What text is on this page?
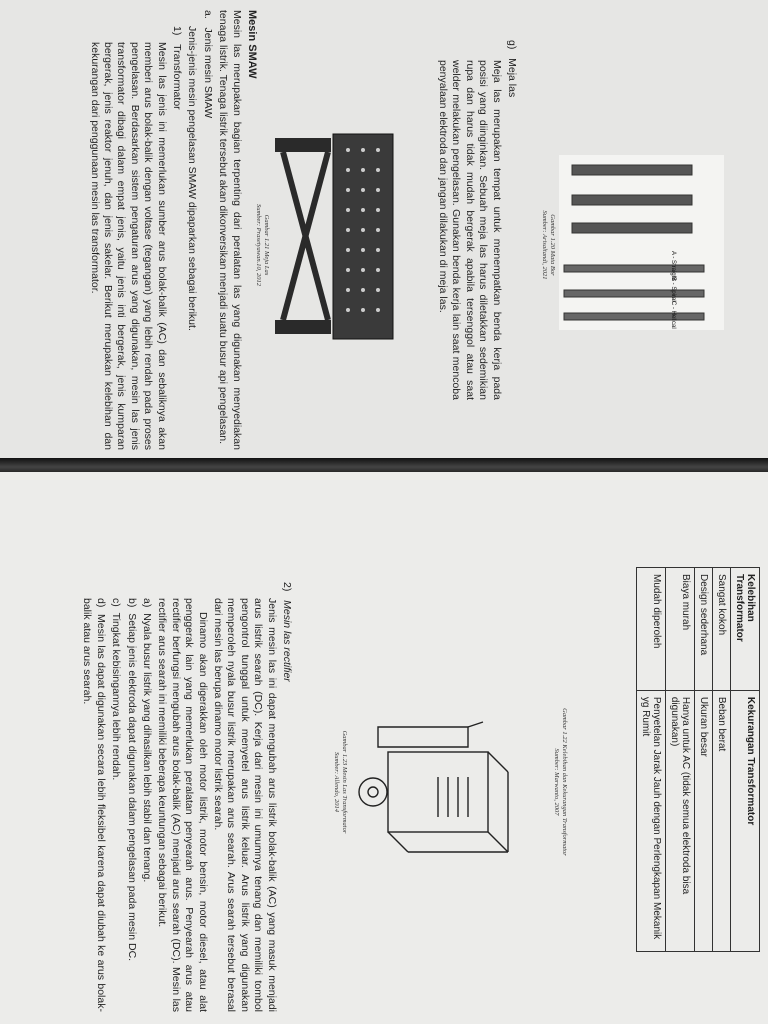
g)   Meja las

Meja las merupakan tempat untuk menempatkan benda kerja pada posisi yang diinginkan. Sebuah meja las harus diletakkan sedemikian rupa dan harus tidak mudah bergerak apabila tersenggol atau saat welder melakukan pengelasan. Gunakan benda kerja lain saat mencoba penyalaan elektroda dan jangan dilakukan di meja las.	A - Straight
B - Spiral
C - Helical
Gambar 1.20 Mata Bor
Sumber: Arisaltandi, 2021
Gambar 1.21 Meja Las
Sumber: Prasetyawan.10, 2012

Mesin SMAW

Mesin las merupakan bagian terpenting dari peralatan las yang digunakan menyediakan tenaga listrik. Tenaga listrik tersebut akan dikonversikan menjadi suatu busur api pengelasan.

a.   Jenis mesin SMAW

Jenis-jenis mesin pengelasan SMAW dipaparkan sebagai berikut.

1)   Transformator

Mesin las jenis ini memerlukan sumber arus bolak-balik (AC) dan sebaliknya akan memberi arus bolak-balik dengan voltase (tegangan) yang lebih rendah pada proses pengelasan. Berdasarkan sistem pengaturan arus yang digunakan, mesin las jenis transformator dibagi dalam empat jenis, yaitu jenis inti bergerak, jenis kumparan bergerak, jenis reaktor jenuh, dan jenis sakelar. Berikut merupakan kelebihan dan kekurangan dari penggunaan mesin las transformator.

Kelebihan Transformator	Kekurangan Transformator
Sangat kokoh	Beban berat
Design sederhana	Ukuran besar
Biaya murah	Hanya untuk AC (tidak semua elektroda bisa digunakan)
Mudah diperoleh	Penyetelan Jarak Jauh dengan Perlengkapan Mekanik yg Rumit
Gambar 1.22 Kelebihan dan Kekurangan Transformator
Sumber: Marwanto, 2007
Gambar 1.23 Mesin Las Transformator
Sumber: Allendo, 2014

2)   Mesin las rectifier

Jenis mesin las ini dapat mengubah arus listrik bolak-balik (AC) yang masuk menjadi arus listrik searah (DC). Kerja dari mesin ini umumnya tenang dan memiliki tombol pengontrol tunggal untuk menyetel arus listrik keluar. Arus listrik yang digunakan memperoleh nyala busur listrik merupakan arus searah. Arus searah tersebut berasal dari mesin las berupa dinamo motor listrik searah.

Dinamo akan digerakkan oleh motor listrik, motor bensin, motor diesel, atau alat penggerak lain yang memerlukan peralatan penyearah arus. Penyearah arus atau rectifier berfungsi mengubah arus bolak-balik (AC) menjadi arus searah (DC). Mesin las rectifier arus searah ini memiliki beberapa keuntungan sebagai berikut.

a)  Nyala busur listrik yang dihasilkan lebih stabil dan tenang.

b)  Setiap jenis elektroda dapat digunakan dalam pengelasan pada mesin DC.

c)  Tingkat kebisingannya lebih rendah.

d)  Mesin las dapat digunakan secara lebih fleksibel karena dapat diubah ke arus bolak-balik atau arus searah.
